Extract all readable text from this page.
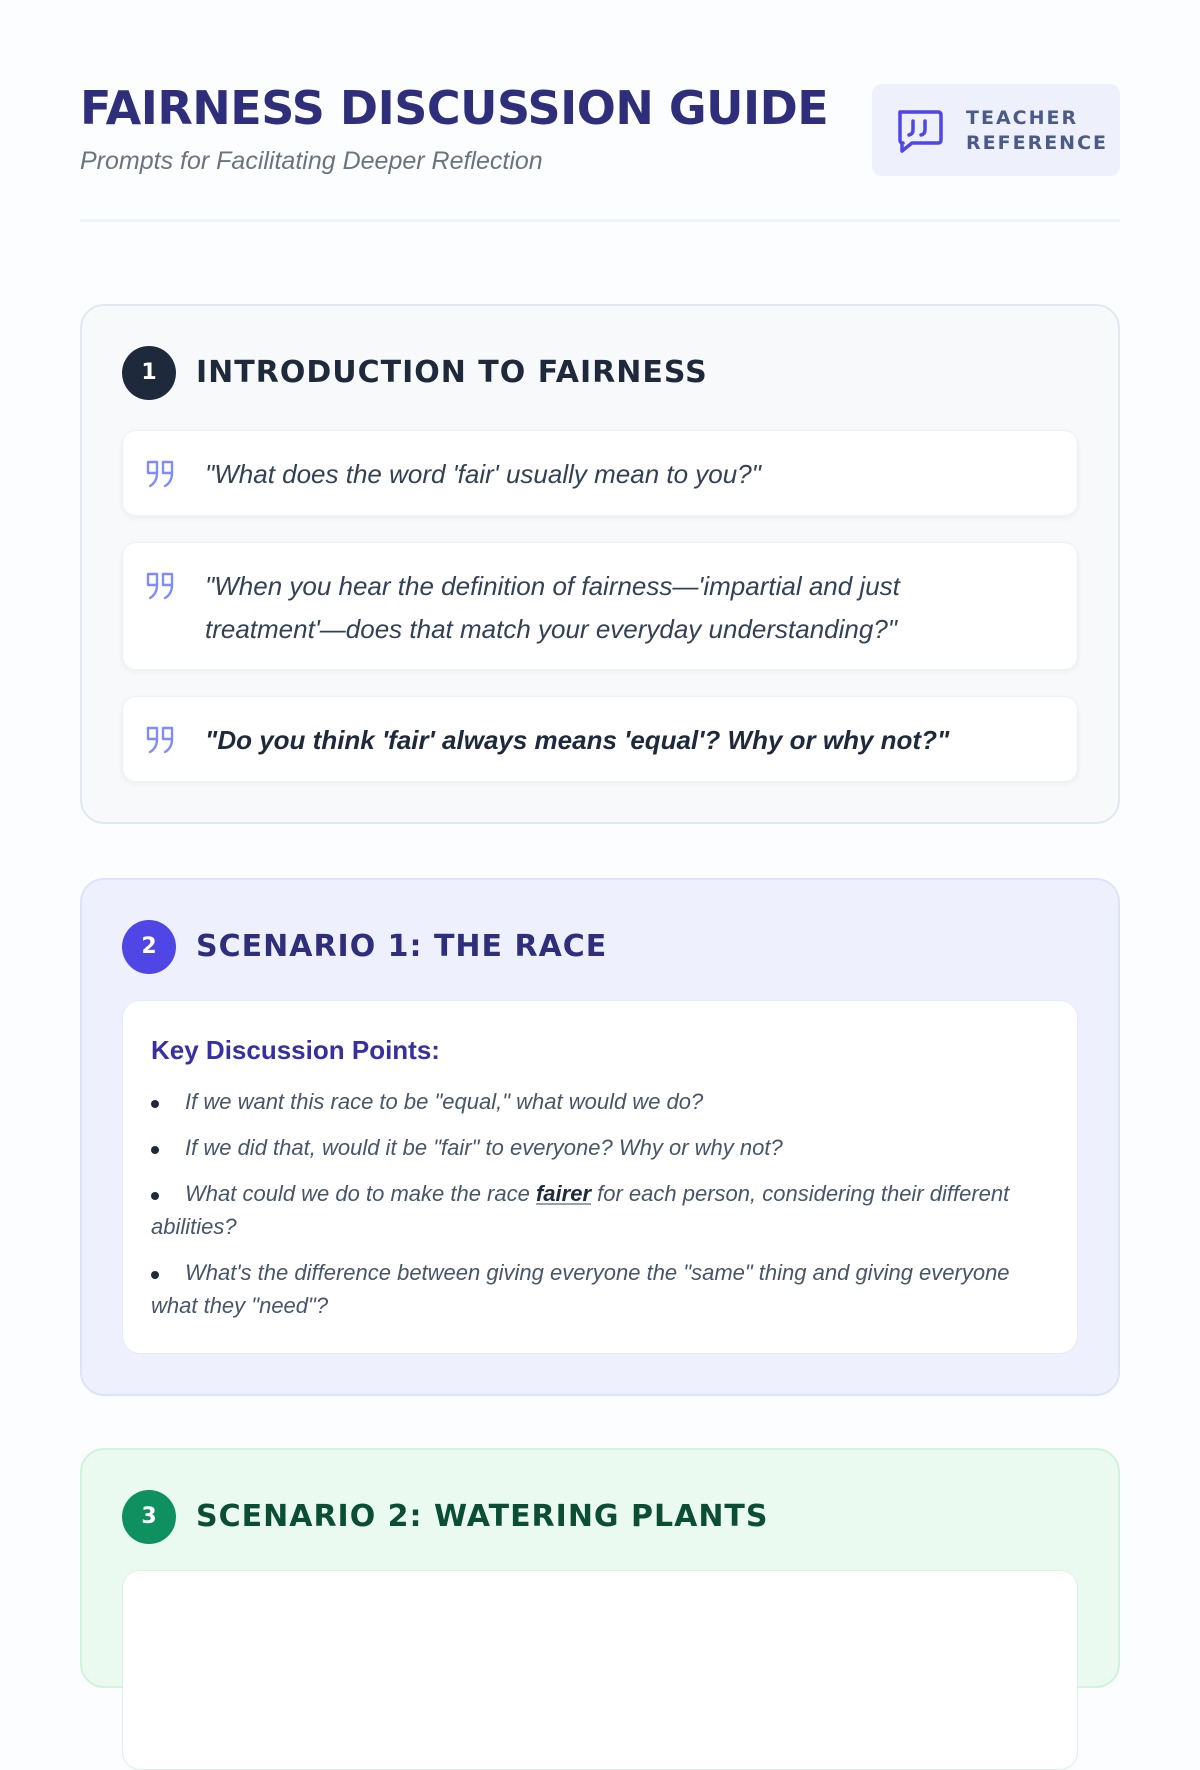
FAIRNESS DISCUSSION GUIDE

Prompts for Facilitating Deeper Reflection

TEACHER
REFERENCE
1	INTRODUCTION TO FAIRNESS

"What does the word 'fair' usually mean to you?"

"When you hear the definition of fairness—'impartial and just treatment'—does that match your everyday understanding?"

"Do you think 'fair' always means 'equal'? Why or why not?"

2	SCENARIO 1: THE RACE
Key Discussion Points:
If we want this race to be "equal," what would we do?
If we did that, would it be "fair" to everyone? Why or why not?
What could we do to make the race fairer for each person, considering their different abilities?
What's the difference between giving everyone the "same" thing and giving everyone what they "need"?
3	SCENARIO 2: WATERING PLANTS
